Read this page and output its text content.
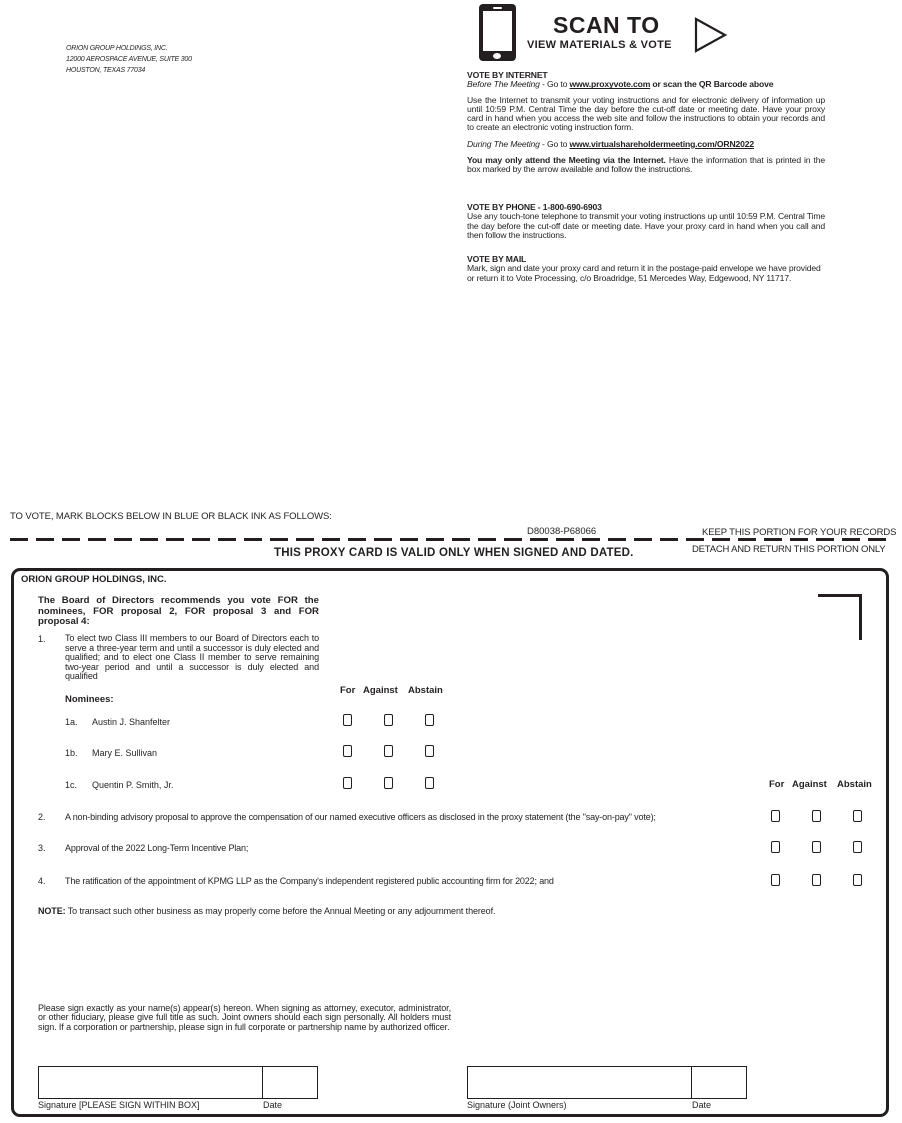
ORION GROUP HOLDINGS, INC.
12000 AEROSPACE AVENUE, SUITE 300
HOUSTON, TEXAS 77034
SCAN TO
VIEW MATERIALS & VOTE
VOTE BY INTERNET
Before The Meeting - Go to www.proxyvote.com or scan the QR Barcode above
Use the Internet to transmit your voting instructions and for electronic delivery of information up until 10:59 P.M. Central Time the day before the cut-off date or meeting date. Have your proxy card in hand when you access the web site and follow the instructions to obtain your records and to create an electronic voting instruction form.
During The Meeting - Go to www.virtualshareholdermeeting.com/ORN2022
You may only attend the Meeting via the Internet. Have the information that is printed in the box marked by the arrow available and follow the instructions.
VOTE BY PHONE - 1-800-690-6903
Use any touch-tone telephone to transmit your voting instructions up until 10:59 P.M. Central Time the day before the cut-off date or meeting date. Have your proxy card in hand when you call and then follow the instructions.
VOTE BY MAIL
Mark, sign and date your proxy card and return it in the postage-paid envelope we have provided or return it to Vote Processing, c/o Broadridge, 51 Mercedes Way, Edgewood, NY 11717.
TO VOTE, MARK BLOCKS BELOW IN BLUE OR BLACK INK AS FOLLOWS:
D80038-P68066	KEEP THIS PORTION FOR YOUR RECORDS
DETACH AND RETURN THIS PORTION ONLY
THIS PROXY CARD IS VALID ONLY WHEN SIGNED AND DATED.
ORION GROUP HOLDINGS, INC.
The Board of Directors recommends you vote FOR the nominees, FOR proposal 2, FOR proposal 3 and FOR proposal 4:
1. To elect two Class III members to our Board of Directors each to serve a three-year term and until a successor is duly elected and qualified; and to elect one Class II member to serve remaining two-year period and until a successor is duly elected and qualified
Nominees:
For Against Abstain
1a. Austin J. Shanfelter
1b. Mary E. Sullivan
1c. Quentin P. Smith, Jr.	For Against Abstain
2. A non-binding advisory proposal to approve the compensation of our named executive officers as disclosed in the proxy statement (the "say-on-pay" vote);
3. Approval of the 2022 Long-Term Incentive Plan;
4. The ratification of the appointment of KPMG LLP as the Company's independent registered public accounting firm for 2022; and
NOTE: To transact such other business as may properly come before the Annual Meeting or any adjournment thereof.
Please sign exactly as your name(s) appear(s) hereon. When signing as attorney, executor, administrator, or other fiduciary, please give full title as such. Joint owners should each sign personally. All holders must sign. If a corporation or partnership, please sign in full corporate or partnership name by authorized officer.
Signature [PLEASE SIGN WITHIN BOX]	Date	Signature (Joint Owners)	Date
